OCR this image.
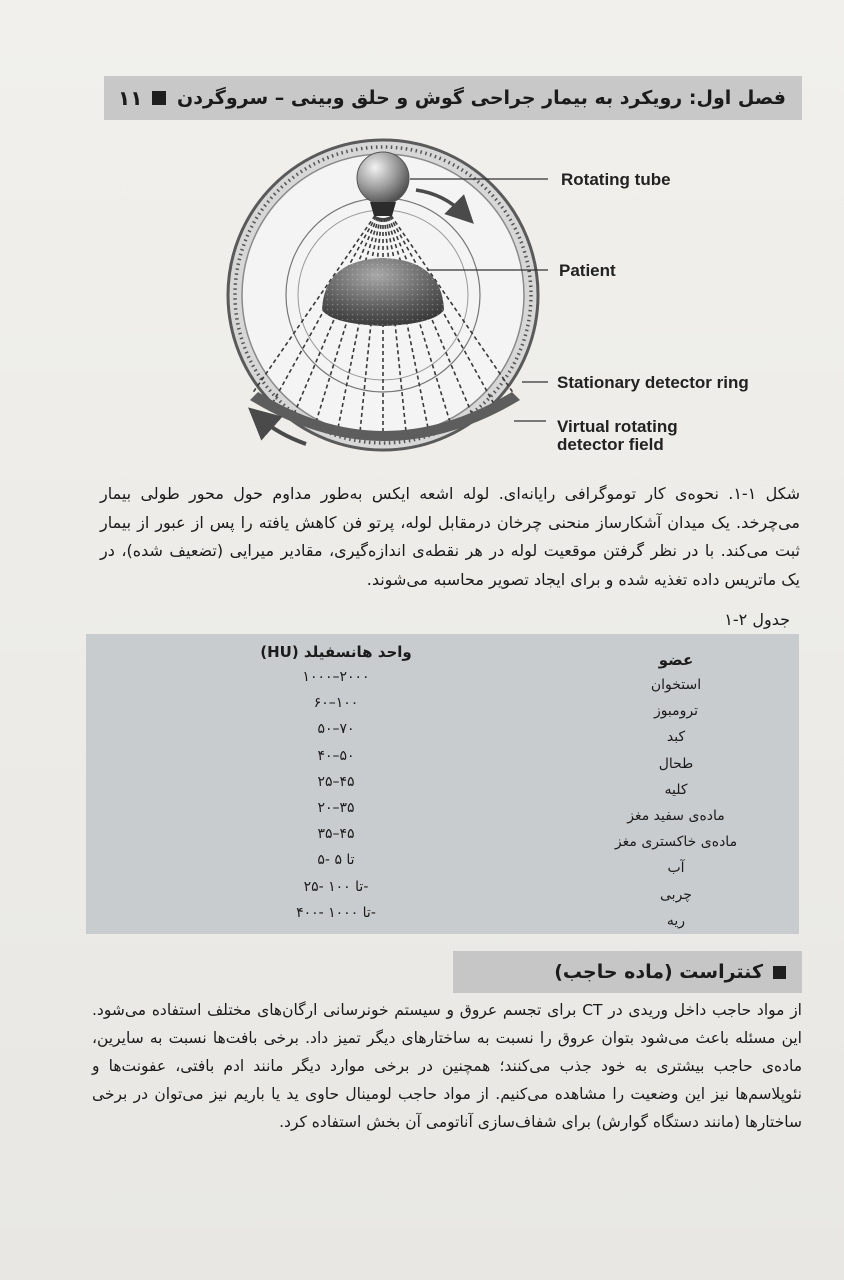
۱۱ فصل اول: رویکرد به بیمار جراحی گوش و حلق وبینی – سروگردن
Rotating tube
Patient
Stationary detector ring
Virtual rotating
detector field
شکل ۱-۱. نحوه‌ی کار توموگرافی رایانه‌ای. لوله اشعه ایکس به‌طور مداوم حول محور طولی بیمار می‌چرخد. یک میدان آشکارساز منحنی چرخان درمقابل لوله، پرتو فن کاهش یافته را پس از عبور از بیمار ثبت می‌کند. با در نظر گرفتن موقعیت لوله در هر نقطه‌ی اندازه‌گیری، مقادیر میرایی (تضعیف شده)، در یک ماتریس داده تغذیه شده و برای ایجاد تصویر محاسبه می‌شوند.
جدول ۲-۱
عضو
استخوان
ترومبوز
کبد
طحال
کلیه
ماده‌ی سفید مغز
ماده‌ی خاکستری مغز
آب
چربی
ریه
واحد هانسفیلد (HU)
۱۰۰۰–۲۰۰۰
۶۰–۱۰۰
۵۰–۷۰
۴۰–۵۰
۲۵–۴۵
۲۰–۳۵
۳۵–۴۵
۵- تا ۵
۲۵- تا ۱۰۰-
۴۰۰- تا ۱۰۰۰-
کنتراست (ماده حاجب)
از مواد حاجب داخل وریدی در CT برای تجسم عروق و سیستم خونرسانی ارگان‌های مختلف استفاده می‌شود. این مسئله باعث می‌شود بتوان عروق را نسبت به ساختارهای دیگر تمیز داد. برخی بافت‌ها نسبت به سایرین، ماده‌ی حاجب بیشتری به خود جذب می‌کنند؛ همچنین در برخی موارد دیگر مانند ادم بافتی، عفونت‌ها و نئوپلاسم‌ها نیز این وضعیت را مشاهده می‌کنیم. از مواد حاجب لومینال حاوی ید یا باریم نیز می‌توان در برخی ساختارها (مانند دستگاه گوارش) برای شفاف‌سازی آناتومی آن بخش استفاده کرد.
